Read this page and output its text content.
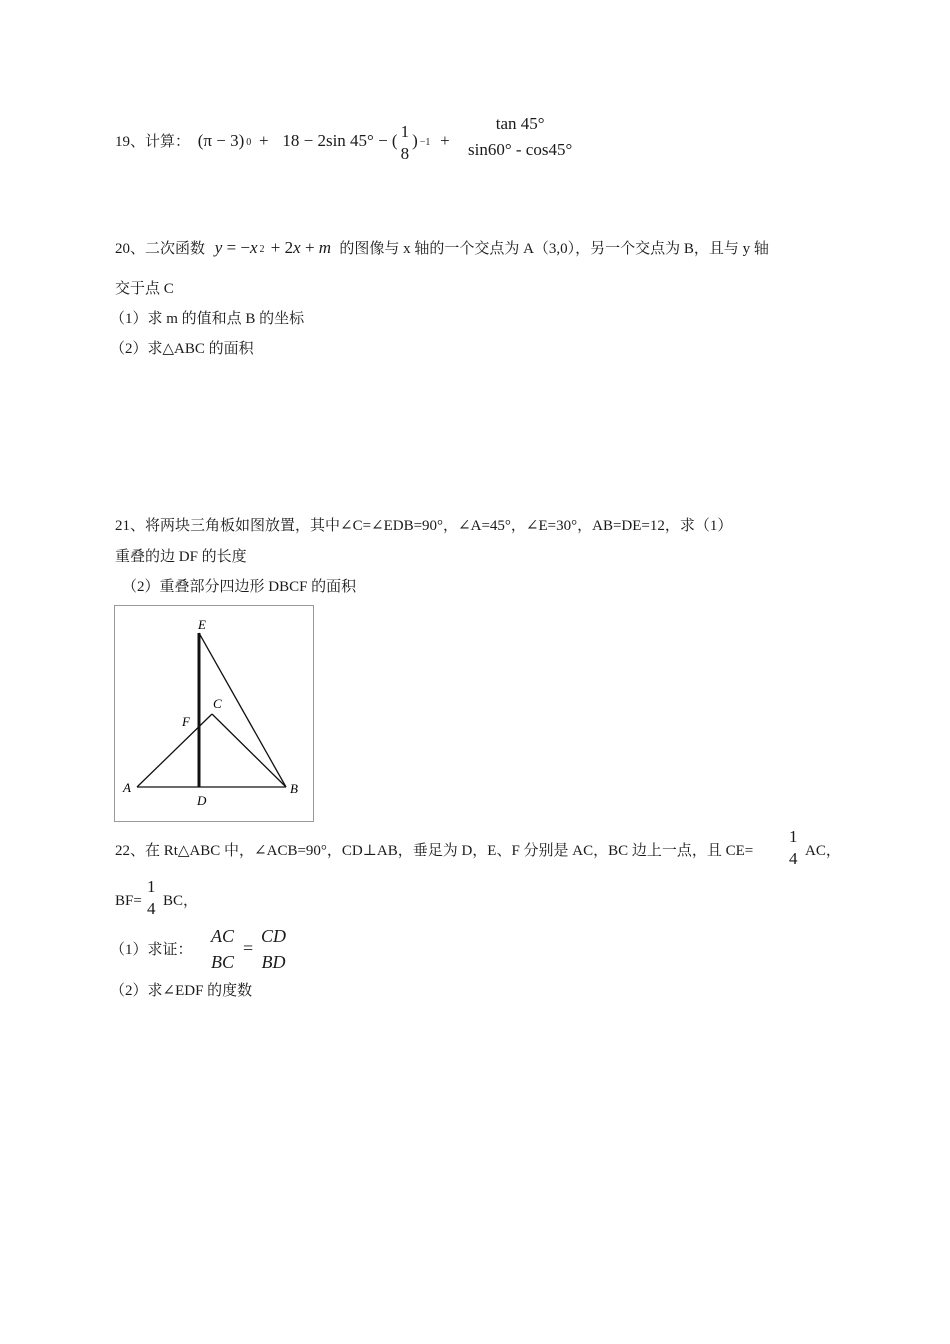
19、计算： (π − 3) 0 + 18 − 2sin 45° − ( 1
8
) −1 +
tan 45°
sin60° - cos45°
20、二次函数 y = −x 2 + 2x + m 的图像与 x 轴的一个交点为 A（3,0），另一个交点为 B，且与 y 轴
交于点 C
（1）求 m 的值和点 B 的坐标
（2）求△ABC 的面积
21、将两块三角板如图放置，其中∠C=∠EDB=90°，∠A=45°，∠E=30°，AB=DE=12，求（1）
重叠的边 DF 的长度
（2）重叠部分四边形 DBCF 的面积
E
C
F
A
D
B
22、在 Rt△ABC 中，∠ACB=90°，CD⊥AB，垂足为 D，E、F 分别是 AC，BC 边上一点，且 CE=
1
4 AC，
BF=
1
4 BC，
（1）求证：
AC
BC
=
CD
BD
（2）求∠EDF 的度数
